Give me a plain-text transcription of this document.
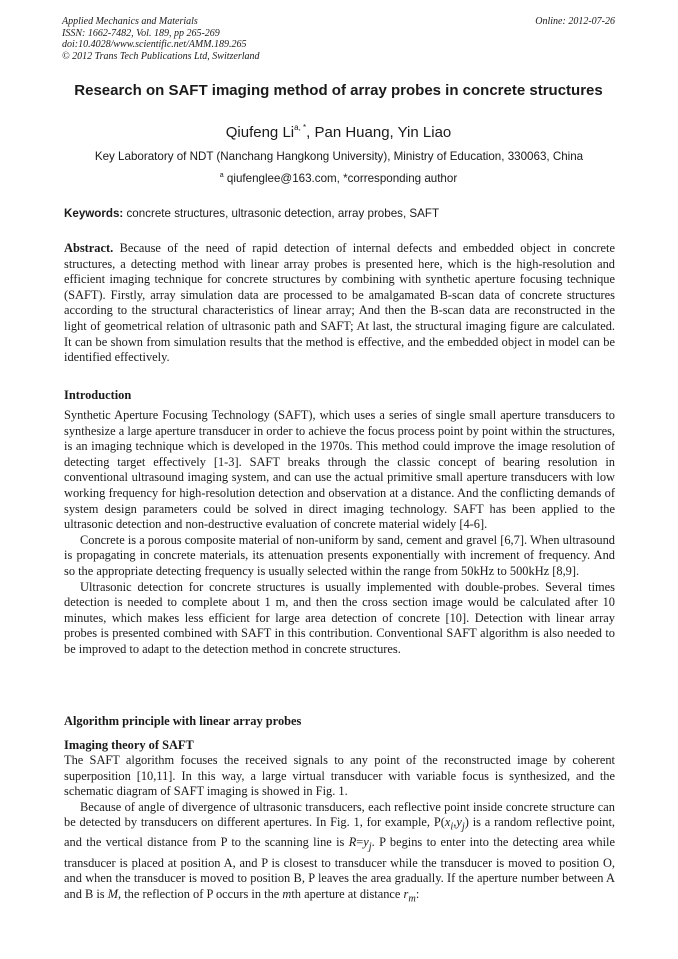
Applied Mechanics and Materials
ISSN: 1662-7482, Vol. 189, pp 265-269
doi:10.4028/www.scientific.net/AMM.189.265
© 2012 Trans Tech Publications Ltd, Switzerland
Online: 2012-07-26
Research on SAFT imaging method of array probes in concrete structures
Qiufeng $Li^{a, *}$, Pan Huang, Yin Liao
Key Laboratory of NDT (Nanchang Hangkong University), Ministry of Education, 330063, China
$^a$ qiufenglee@163.com, *corresponding author
Keywords: concrete structures, ultrasonic detection, array probes, SAFT
Abstract. Because of the need of rapid detection of internal defects and embedded object in concrete structures, a detecting method with linear array probes is presented here, which is the high-resolution and efficient imaging technique for concrete structures by combining with synthetic aperture focusing technique (SAFT). Firstly, array simulation data are processed to be amalgamated B-scan data of concrete structures according to the structural characteristics of linear array; And then the B-scan data are reconstructed in the light of geometrical relation of ultrasonic path and SAFT; At last, the structural imaging figure are calculated. It can be shown from simulation results that the method is effective, and the embedded object in model can be identified effectively.
Introduction

Synthetic Aperture Focusing Technology (SAFT), which uses a series of single small aperture transducers to synthesize a large aperture transducer in order to achieve the focus process point by point within the structures, is an imaging technique which is developed in the 1970s. This method could improve the image resolution of detecting target effectively [1-3]. SAFT breaks through the classic concept of bearing resolution in conventional ultrasound imaging system, and can use the actual primitive small aperture transducers with low working frequency for high-resolution detection and observation at a distance. And the conflicting demands of system design parameters could be solved in direct imaging technology. SAFT has been applied to the ultrasonic detection and non-destructive evaluation of concrete material widely [4-6].

Concrete is a porous composite material of non-uniform by sand, cement and gravel [6,7]. When ultrasound is propagating in concrete materials, its attenuation presents exponentially with increment of frequency. And so the appropriate detecting frequency is usually selected within the range from 50kHz to 500kHz [8,9].

Ultrasonic detection for concrete structures is usually implemented with double-probes. Several times detection is needed to complete about 1 m, and then the cross section image would be calculated after 10 minutes, which makes less efficient for large area detection of concrete [10]. Detection with linear array probes is presented combined with SAFT in this contribution. Conventional SAFT algorithm is also needed to be improved to adapt to the detection method in concrete structures.

Algorithm principle with linear array probes
Imaging theory of SAFT

The SAFT algorithm focuses the received signals to any point of the reconstructed image by coherent superposition [10,11]. In this way, a large virtual transducer with variable focus is synthesized, and the schematic diagram of SAFT imaging is showed in Fig. 1.

Because of angle of divergence of ultrasonic transducers, each reflective point inside concrete structure can be detected by transducers on different apertures. In Fig. 1, for example, $P(x_i,y_j)$ is a random reflective point, and the vertical distance from P to the scanning line is $R=y_j$. P begins to enter into the detecting area while transducer is placed at position A, and P is closest to transducer while the transducer is moved to position O, and when the transducer is moved to position B, P leaves the area gradually. If the aperture number between A and B is M, the reflection of P occurs in the mth aperture at distance $r_m$:
